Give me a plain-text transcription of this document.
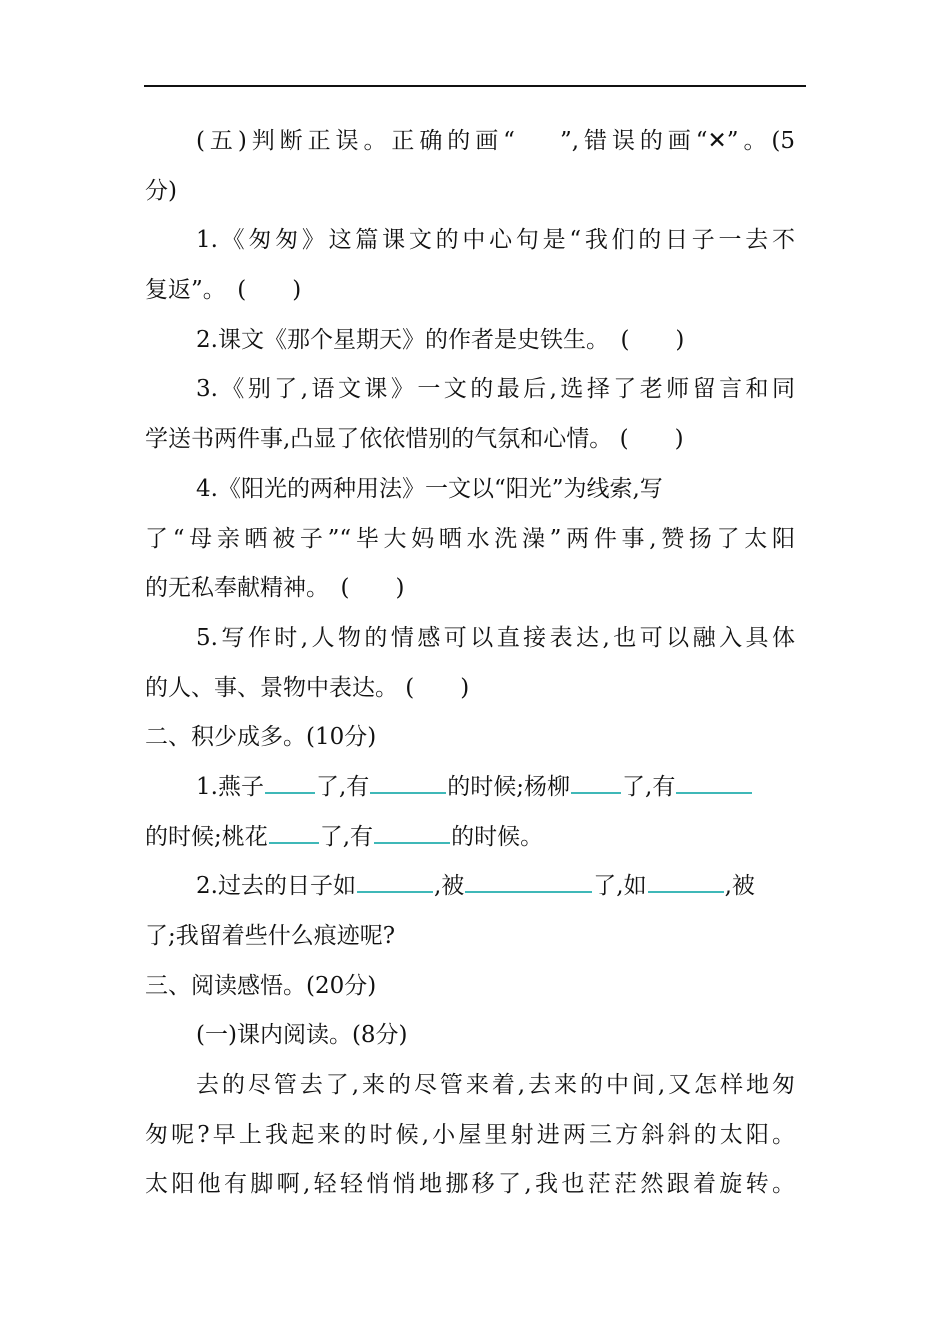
(五)判断正误。正确的画“　 ”,错误的画“✕”。(5
分)
1.《匆匆》这篇课文的中心句是“我们的日子一去不
复返”。　(　　)
2.课文《那个星期天》的作者是史铁生。　(　　)
3.《别了,语文课》一文的最后,选择了老师留言和同
学送书两件事,凸显了依依惜别的气氛和心情。 (　　)
4.《阳光的两种用法》一文以“阳光”为线索,写
了“母亲晒被子”“毕大妈晒水洗澡”两件事,赞扬了太阳
的无私奉献精神。　(　　)
5.写作时,人物的情感可以直接表达,也可以融入具体
的人、事、景物中表达。 (　　)
二、积少成多。(10分)
1.燕子 了,有	的时候;杨柳 了,有
的时候;桃花 了,有	的时候。
2.过去的日子如	,被	了,如	,被
了;我留着些什么痕迹呢?
三、阅读感悟。(20分)
(一)课内阅读。(8分)
去的尽管去了,来的尽管来着,去来的中间,又怎样地匆
匆呢?早上我起来的时候,小屋里射进两三方斜斜的太阳。
太阳他有脚啊,轻轻悄悄地挪移了,我也茫茫然跟着旋转。
